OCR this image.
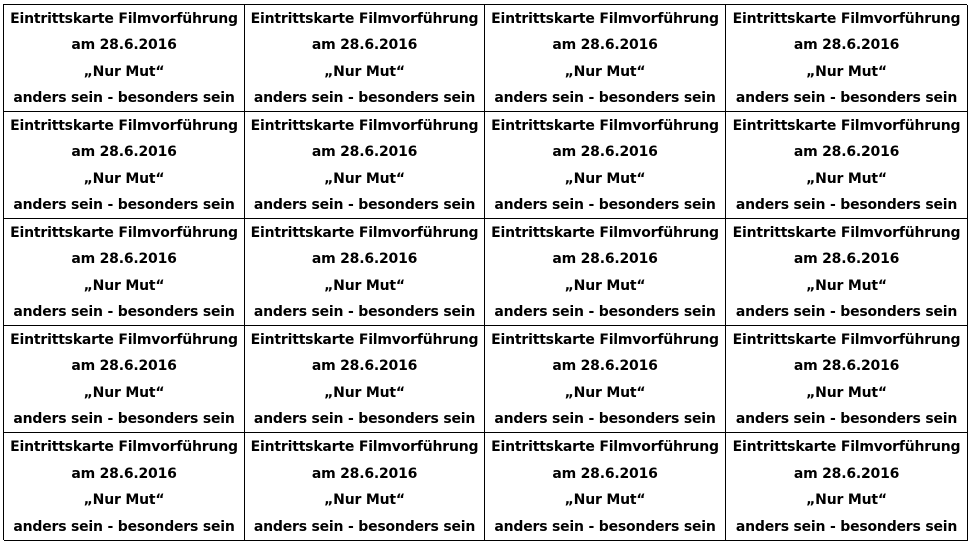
Eintrittskarte Filmvorführung
am 28.6.2016
„Nur Mut“
anders sein - besonders sein
Eintrittskarte Filmvorführung
am 28.6.2016
„Nur Mut“
anders sein - besonders sein
Eintrittskarte Filmvorführung
am 28.6.2016
„Nur Mut“
anders sein - besonders sein
Eintrittskarte Filmvorführung
am 28.6.2016
„Nur Mut“
anders sein - besonders sein
Eintrittskarte Filmvorführung
am 28.6.2016
„Nur Mut“
anders sein - besonders sein
Eintrittskarte Filmvorführung
am 28.6.2016
„Nur Mut“
anders sein - besonders sein
Eintrittskarte Filmvorführung
am 28.6.2016
„Nur Mut“
anders sein - besonders sein
Eintrittskarte Filmvorführung
am 28.6.2016
„Nur Mut“
anders sein - besonders sein
Eintrittskarte Filmvorführung
am 28.6.2016
„Nur Mut“
anders sein - besonders sein
Eintrittskarte Filmvorführung
am 28.6.2016
„Nur Mut“
anders sein - besonders sein
Eintrittskarte Filmvorführung
am 28.6.2016
„Nur Mut“
anders sein - besonders sein
Eintrittskarte Filmvorführung
am 28.6.2016
„Nur Mut“
anders sein - besonders sein
Eintrittskarte Filmvorführung
am 28.6.2016
„Nur Mut“
anders sein - besonders sein
Eintrittskarte Filmvorführung
am 28.6.2016
„Nur Mut“
anders sein - besonders sein
Eintrittskarte Filmvorführung
am 28.6.2016
„Nur Mut“
anders sein - besonders sein
Eintrittskarte Filmvorführung
am 28.6.2016
„Nur Mut“
anders sein - besonders sein
Eintrittskarte Filmvorführung
am 28.6.2016
„Nur Mut“
anders sein - besonders sein
Eintrittskarte Filmvorführung
am 28.6.2016
„Nur Mut“
anders sein - besonders sein
Eintrittskarte Filmvorführung
am 28.6.2016
„Nur Mut“
anders sein - besonders sein
Eintrittskarte Filmvorführung
am 28.6.2016
„Nur Mut“
anders sein - besonders sein
